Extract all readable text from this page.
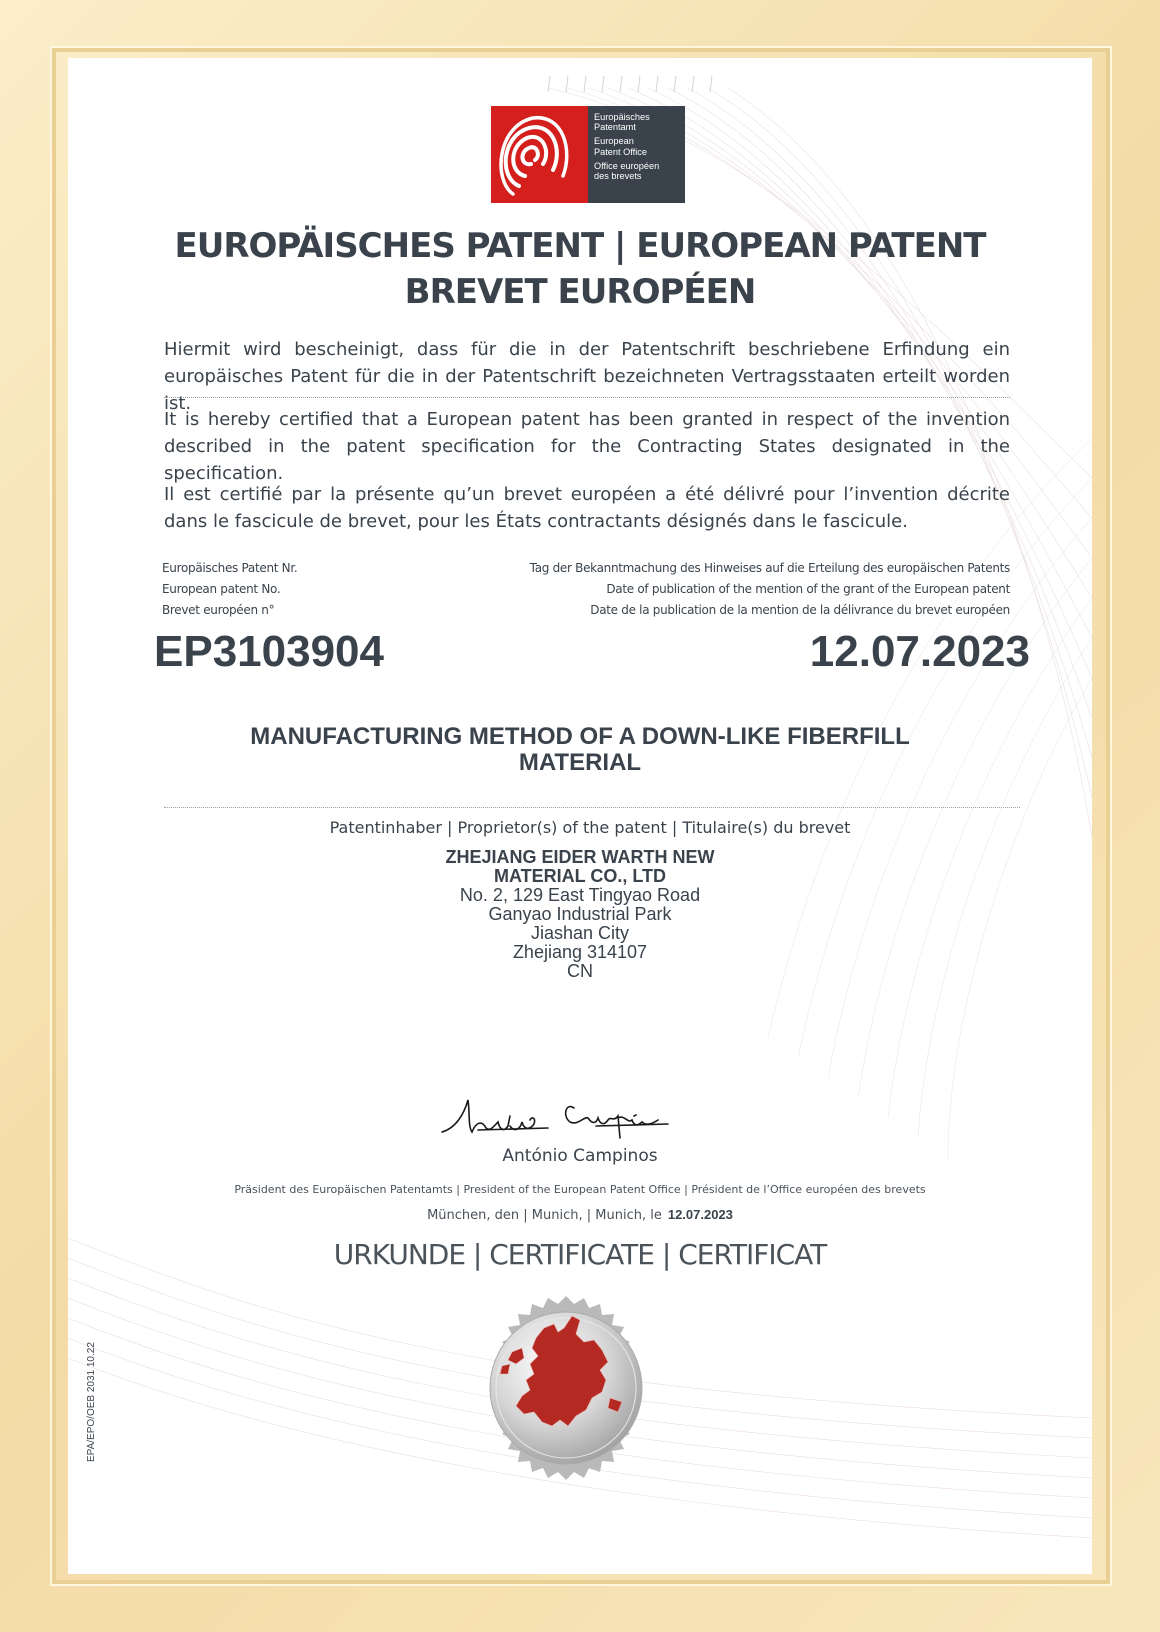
Europäisches
Patentamt
European
Patent Office
Office européen
des brevets
EUROPÄISCHES PATENT | EUROPEAN PATENT
BREVET EUROPÉEN
Hiermit wird bescheinigt, dass für die in der Patentschrift beschriebene Erfindung ein europäisches Patent für die in der Patentschrift bezeichneten Vertragsstaaten erteilt worden ist.
It is hereby certified that a European patent has been granted in respect of the invention described in the patent specification for the Contracting States designated in the specification.
Il est certifié par la présente qu’un brevet européen a été délivré pour l’invention décrite dans le fascicule de brevet, pour les États contractants désignés dans le fascicule.
Europäisches Patent Nr.
European patent No.
Brevet européen n°
Tag der Bekanntmachung des Hinweises auf die Erteilung des europäischen Patents
Date of publication of the mention of the grant of the European patent
Date de la publication de la mention de la délivrance du brevet européen
EP3103904	12.07.2023
MANUFACTURING METHOD OF A DOWN-LIKE FIBERFILL
MATERIAL
Patentinhaber | Proprietor(s) of the patent | Titulaire(s) du brevet
ZHEJIANG EIDER WARTH NEW
MATERIAL CO., LTD
No. 2, 129 East Tingyao Road
Ganyao Industrial Park
Jiashan City
Zhejiang 314107
CN
António Campinos
Präsident des Europäischen Patentamts | President of the European Patent Office | Président de l’Office européen des brevets
München, den | Munich, | Munich, le 12.07.2023
URKUNDE | CERTIFICATE | CERTIFICAT
EPA/EPO/OEB 2031 10.22
